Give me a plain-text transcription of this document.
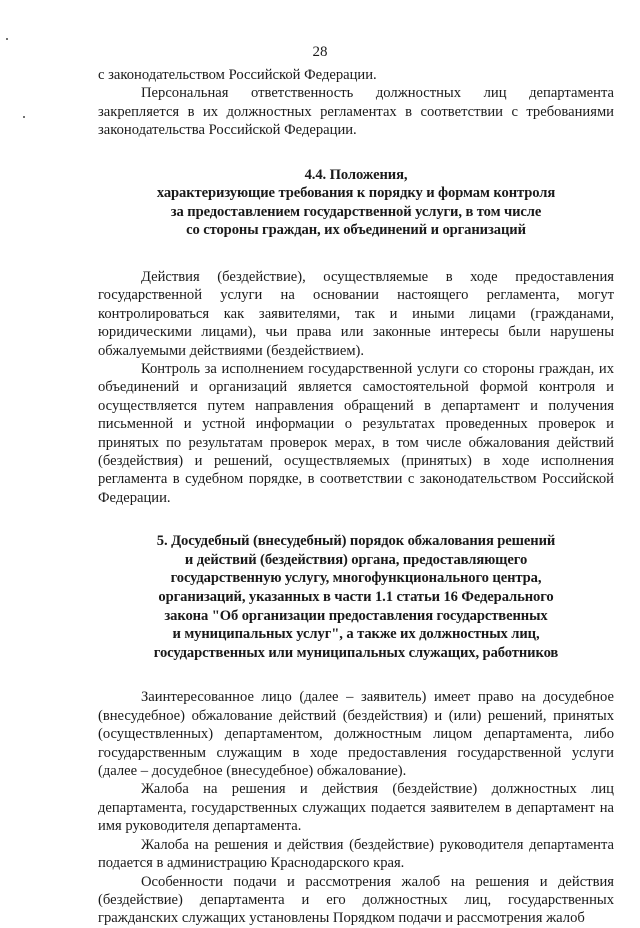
28

с законодательством Российской Федерации.

Персональная ответственность должностных лиц департамента закрепляется в их должностных регламентах в соответствии с требованиями законодательства Российской Федерации.

4.4. Положения,
характеризующие требования к порядку и формам контроля
за предоставлением государственной услуги, в том числе
со стороны граждан, их объединений и организаций

Действия (бездействие), осуществляемые в ходе предоставления государственной услуги на основании настоящего регламента, могут контролироваться как заявителями, так и иными лицами (гражданами, юридическими лицами), чьи права или законные интересы были нарушены обжалуемыми действиями (бездействием).

Контроль за исполнением государственной услуги со стороны граждан, их объединений и организаций является самостоятельной формой контроля и осуществляется путем направления обращений в департамент и получения письменной и устной информации о результатах проведенных проверок и принятых по результатам проверок мерах, в том числе обжалования действий (бездействия) и решений, осуществляемых (принятых) в ходе исполнения регламента в судебном порядке, в соответствии с законодательством Российской Федерации.

5. Досудебный (внесудебный) порядок обжалования решений
и действий (бездействия) органа, предоставляющего
государственную услугу, многофункционального центра,
организаций, указанных в части 1.1 статьи 16 Федерального
закона "Об организации предоставления государственных
и муниципальных услуг", а также их должностных лиц,
государственных или муниципальных служащих, работников

Заинтересованное лицо (далее – заявитель) имеет право на досудебное (внесудебное) обжалование действий (бездействия) и (или) решений, принятых (осуществленных) департаментом, должностным лицом департамента, либо государственным служащим в ходе предоставления государственной услуги (далее – досудебное (внесудебное) обжалование).

Жалоба на решения и действия (бездействие) должностных лиц департамента, государственных служащих подается заявителем в департамент на имя руководителя департамента.

Жалоба на решения и действия (бездействие) руководителя департамента подается в администрацию Краснодарского края.

Особенности подачи и рассмотрения жалоб на решения и действия (бездействие) департамента и его должностных лиц, государственных гражданских служащих установлены Порядком подачи и рассмотрения жалоб
